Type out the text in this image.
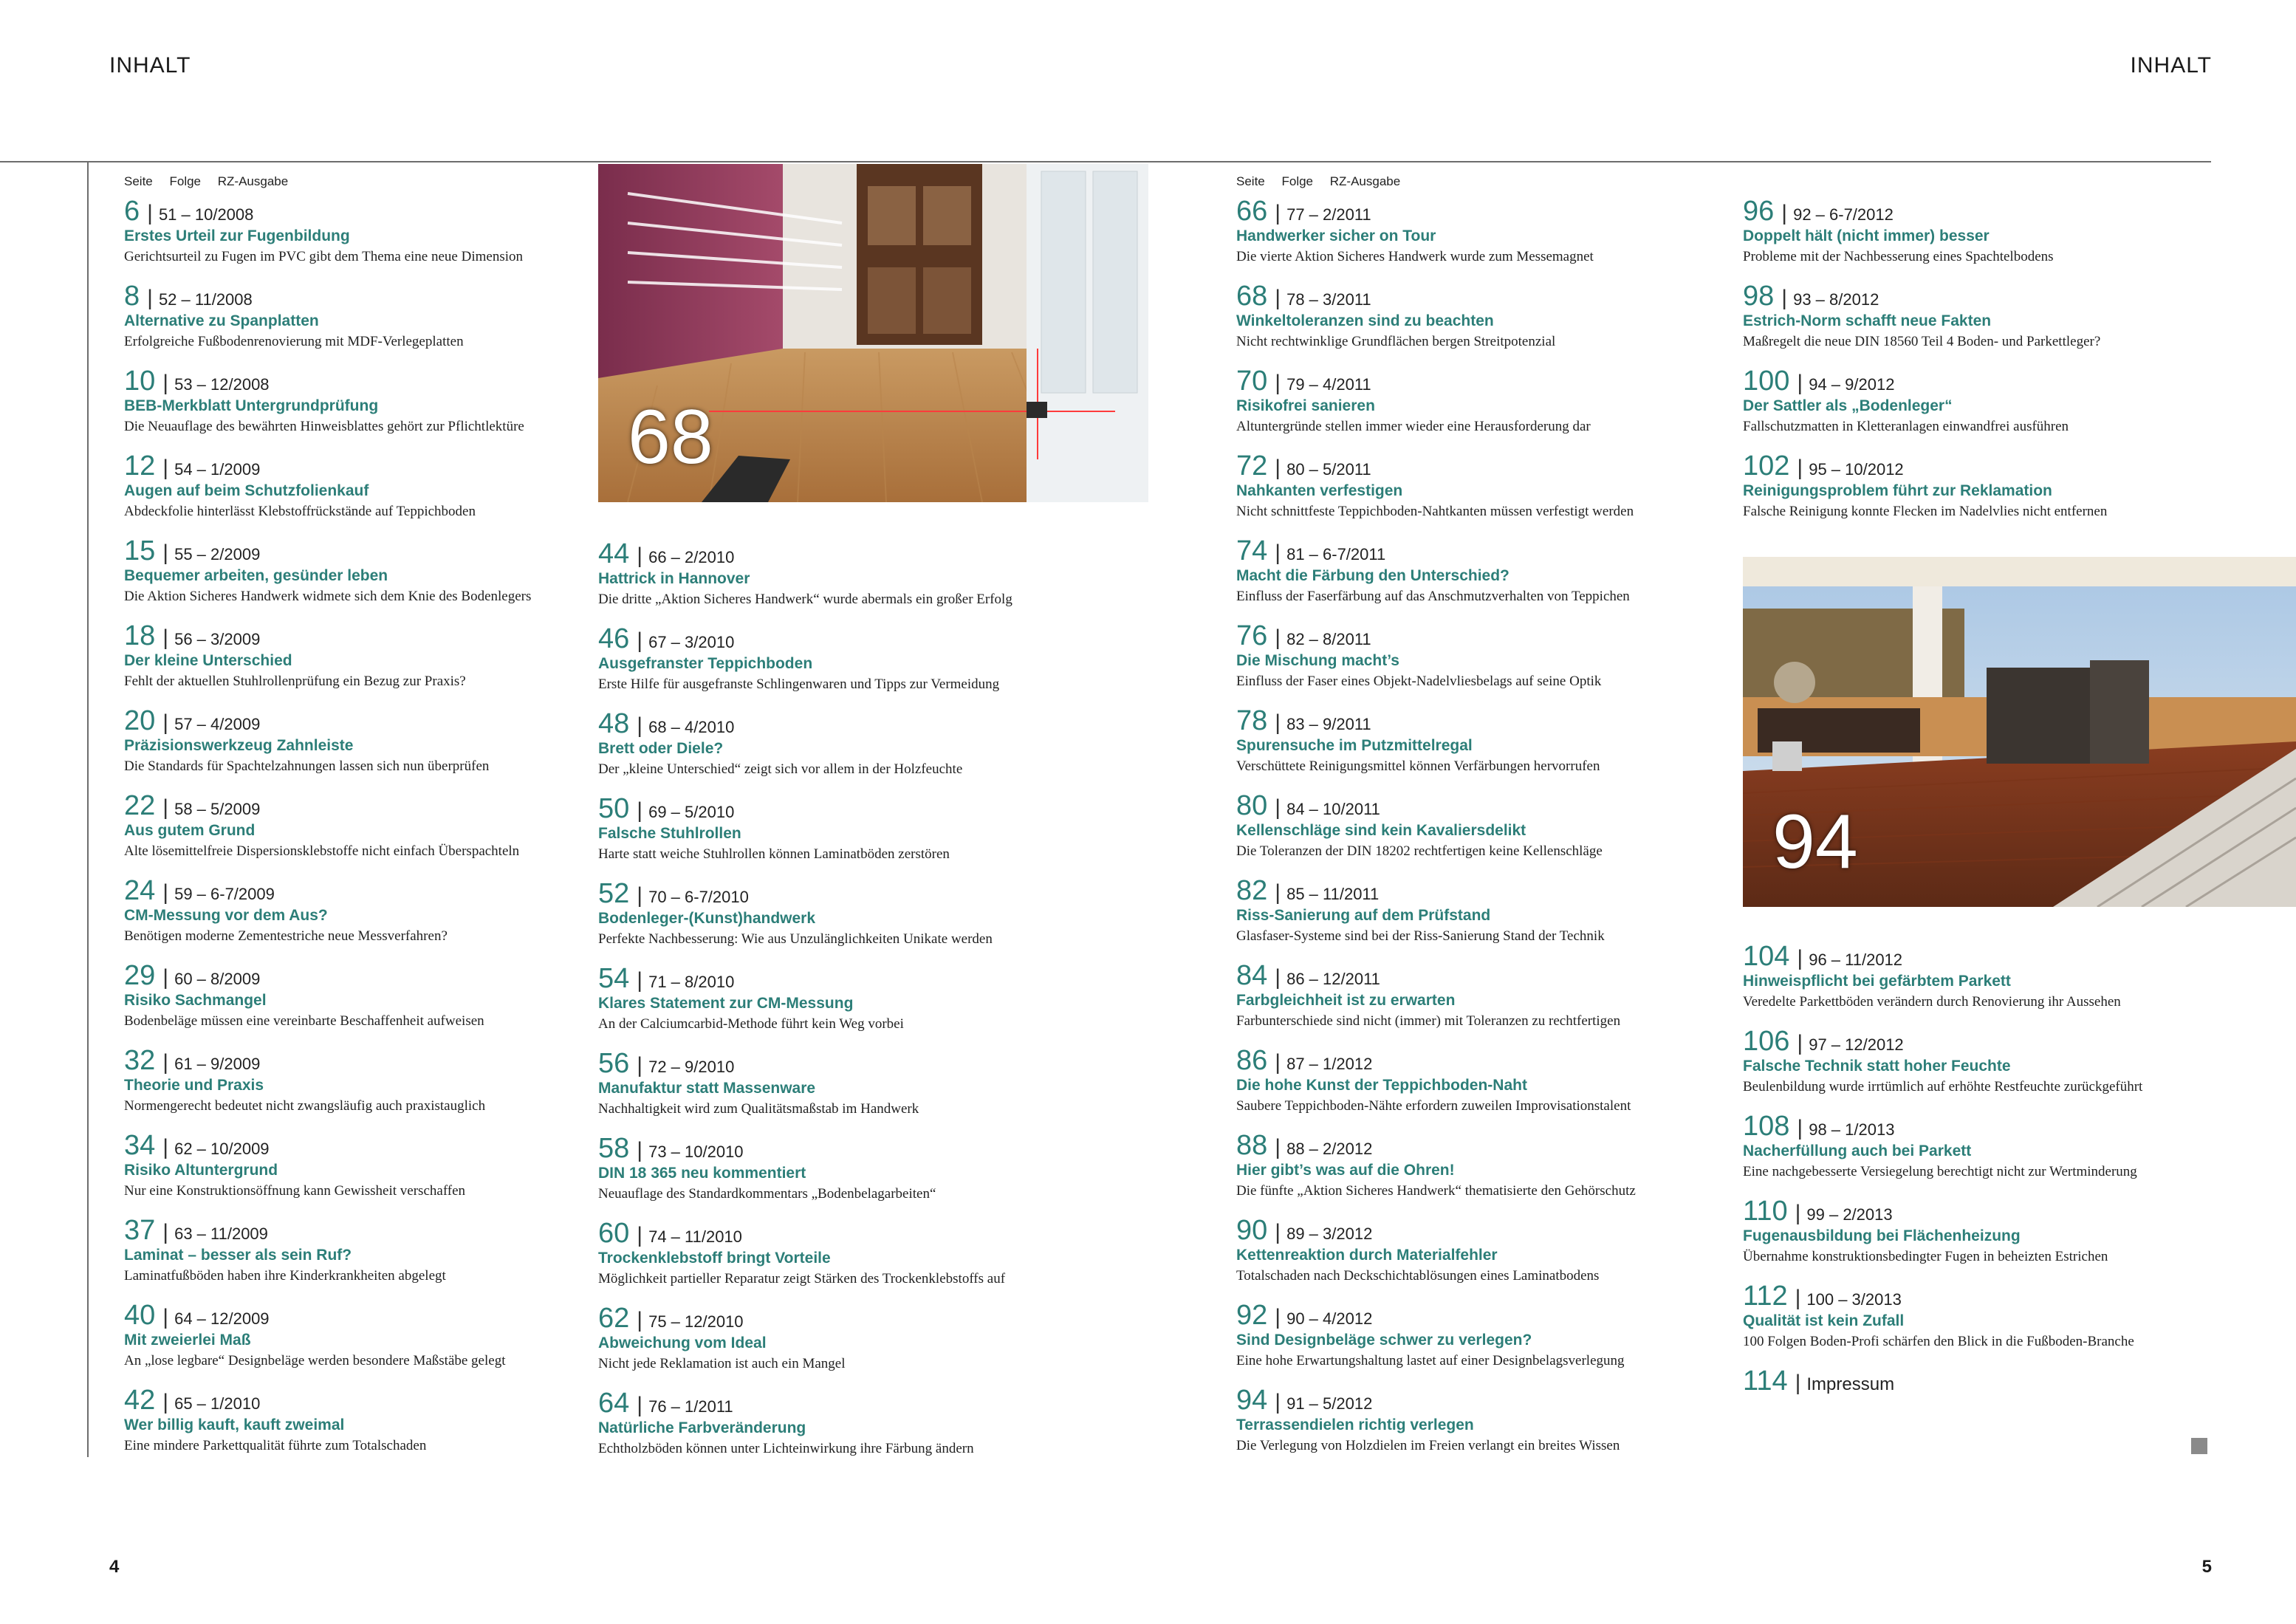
INHALT	INHALT
Seite Folge RZ-Ausgabe	Seite Folge RZ-Ausgabe
68
94
6 | 51 – 10/2008
Erstes Urteil zur Fugenbildung
Gerichtsurteil zu Fugen im PVC gibt dem Thema eine neue Dimension
8 | 52 – 11/2008
Alternative zu Spanplatten
Erfolgreiche Fußbodenrenovierung mit MDF-Verlegeplatten
10 | 53 – 12/2008
BEB-Merkblatt Untergrundprüfung
Die Neuauflage des bewährten Hinweisblattes gehört zur Pflichtlektüre
12 | 54 – 1/2009
Augen auf beim Schutzfolienkauf
Abdeckfolie hinterlässt Klebstoffrückstände auf Teppichboden
15 | 55 – 2/2009
Bequemer arbeiten, gesünder leben
Die Aktion Sicheres Handwerk widmete sich dem Knie des Bodenlegers
18 | 56 – 3/2009
Der kleine Unterschied
Fehlt der aktuellen Stuhlrollenprüfung ein Bezug zur Praxis?
20 | 57 – 4/2009
Präzisionswerkzeug Zahnleiste
Die Standards für Spachtelzahnungen lassen sich nun überprüfen
22 | 58 – 5/2009
Aus gutem Grund
Alte lösemittelfreie Dispersionsklebstoffe nicht einfach Überspachteln
24 | 59 – 6-7/2009
CM-Messung vor dem Aus?
Benötigen moderne Zementestriche neue Messverfahren?
29 | 60 – 8/2009
Risiko Sachmangel
Bodenbeläge müssen eine vereinbarte Beschaffenheit aufweisen
32 | 61 – 9/2009
Theorie und Praxis
Normengerecht bedeutet nicht zwangsläufig auch praxistauglich
34 | 62 – 10/2009
Risiko Altuntergrund
Nur eine Konstruktionsöffnung kann Gewissheit verschaffen
37 | 63 – 11/2009
Laminat – besser als sein Ruf?
Laminatfußböden haben ihre Kinderkrankheiten abgelegt
40 | 64 – 12/2009
Mit zweierlei Maß
An „lose legbare“ Designbeläge werden besondere Maßstäbe gelegt
42 | 65 – 1/2010
Wer billig kauft, kauft zweimal
Eine mindere Parkettqualität führte zum Totalschaden
44 | 66 – 2/2010
Hattrick in Hannover
Die dritte „Aktion Sicheres Handwerk“ wurde abermals ein großer Erfolg
46 | 67 – 3/2010
Ausgefranster Teppichboden
Erste Hilfe für ausgefranste Schlingenwaren und Tipps zur Vermeidung
48 | 68 – 4/2010
Brett oder Diele?
Der „kleine Unterschied“ zeigt sich vor allem in der Holzfeuchte
50 | 69 – 5/2010
Falsche Stuhlrollen
Harte statt weiche Stuhlrollen können Laminatböden zerstören
52 | 70 – 6-7/2010
Bodenleger-(Kunst)handwerk
Perfekte Nachbesserung: Wie aus Unzulänglichkeiten Unikate werden
54 | 71 – 8/2010
Klares Statement zur CM-Messung
An der Calciumcarbid-Methode führt kein Weg vorbei
56 | 72 – 9/2010
Manufaktur statt Massenware
Nachhaltigkeit wird zum Qualitätsmaßstab im Handwerk
58 | 73 – 10/2010
DIN 18 365 neu kommentiert
Neuauflage des Standardkommentars „Bodenbelagarbeiten“
60 | 74 – 11/2010
Trockenklebstoff bringt Vorteile
Möglichkeit partieller Reparatur zeigt Stärken des Trockenklebstoffs auf
62 | 75 – 12/2010
Abweichung vom Ideal
Nicht jede Reklamation ist auch ein Mangel
64 | 76 – 1/2011
Natürliche Farbveränderung
Echtholzböden können unter Lichteinwirkung ihre Färbung ändern
66 | 77 – 2/2011
Handwerker sicher on Tour
Die vierte Aktion Sicheres Handwerk wurde zum Messemagnet
68 | 78 – 3/2011
Winkeltoleranzen sind zu beachten
Nicht rechtwinklige Grundflächen bergen Streitpotenzial
70 | 79 – 4/2011
Risikofrei sanieren
Altuntergründe stellen immer wieder eine Herausforderung dar
72 | 80 – 5/2011
Nahkanten verfestigen
Nicht schnittfeste Teppichboden-Nahtkanten müssen verfestigt werden
74 | 81 – 6-7/2011
Macht die Färbung den Unterschied?
Einfluss der Faserfärbung auf das Anschmutzverhalten von Teppichen
76 | 82 – 8/2011
Die Mischung macht’s
Einfluss der Faser eines Objekt-Nadelvliesbelags auf seine Optik
78 | 83 – 9/2011
Spurensuche im Putzmittelregal
Verschüttete Reinigungsmittel können Verfärbungen hervorrufen
80 | 84 – 10/2011
Kellenschläge sind kein Kavaliersdelikt
Die Toleranzen der DIN 18202 rechtfertigen keine Kellenschläge
82 | 85 – 11/2011
Riss-Sanierung auf dem Prüfstand
Glasfaser-Systeme sind bei der Riss-Sanierung Stand der Technik
84 | 86 – 12/2011
Farbgleichheit ist zu erwarten
Farbunterschiede sind nicht (immer) mit Toleranzen zu rechtfertigen
86 | 87 – 1/2012
Die hohe Kunst der Teppichboden-Naht
Saubere Teppichboden-Nähte erfordern zuweilen Improvisationstalent
88 | 88 – 2/2012
Hier gibt’s was auf die Ohren!
Die fünfte „Aktion Sicheres Handwerk“ thematisierte den Gehörschutz
90 | 89 – 3/2012
Kettenreaktion durch Materialfehler
Totalschaden nach Deckschichtablösungen eines Laminatbodens
92 | 90 – 4/2012
Sind Designbeläge schwer zu verlegen?
Eine hohe Erwartungshaltung lastet auf einer Designbelagsverlegung
94 | 91 – 5/2012
Terrassendielen richtig verlegen
Die Verlegung von Holzdielen im Freien verlangt ein breites Wissen
96 | 92 – 6-7/2012
Doppelt hält (nicht immer) besser
Probleme mit der Nachbesserung eines Spachtelbodens
98 | 93 – 8/2012
Estrich-Norm schafft neue Fakten
Maßregelt die neue DIN 18560 Teil 4 Boden- und Parkettleger?
100 | 94 – 9/2012
Der Sattler als „Bodenleger“
Fallschutzmatten in Kletteranlagen einwandfrei ausführen
102 | 95 – 10/2012
Reinigungsproblem führt zur Reklamation
Falsche Reinigung konnte Flecken im Nadelvlies nicht entfernen
104 | 96 – 11/2012
Hinweispflicht bei gefärbtem Parkett
Veredelte Parkettböden verändern durch Renovierung ihr Aussehen
106 | 97 – 12/2012
Falsche Technik statt hoher Feuchte
Beulenbildung wurde irrtümlich auf erhöhte Restfeuchte zurückgeführt
108 | 98 – 1/2013
Nacherfüllung auch bei Parkett
Eine nachgebesserte Versiegelung berechtigt nicht zur Wertminderung
110 | 99 – 2/2013
Fugenausbildung bei Flächenheizung
Übernahme konstruktionsbedingter Fugen in beheizten Estrichen
112 | 100 – 3/2013
Qualität ist kein Zufall
100 Folgen Boden-Profi schärfen den Blick in die Fußboden-Branche
114 | Impressum
4	5
